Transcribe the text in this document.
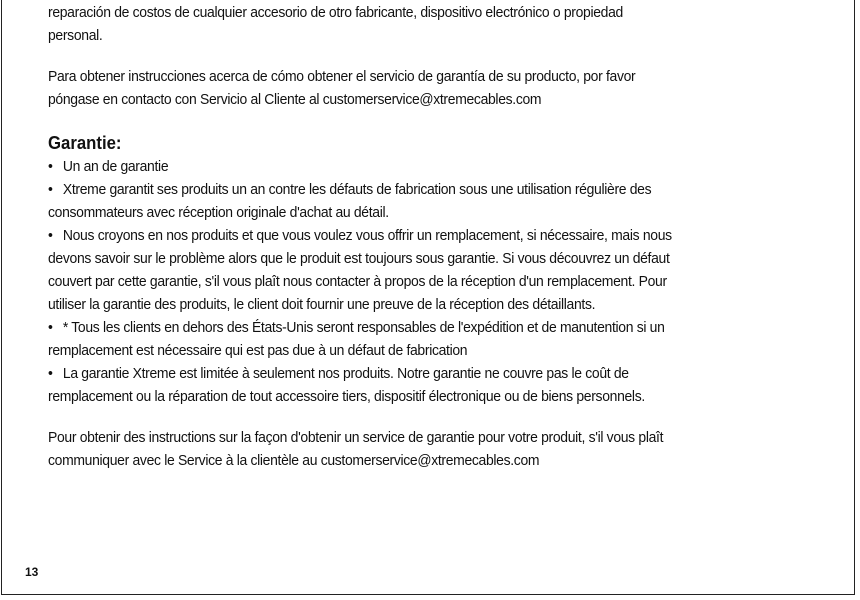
reparación de costos de cualquier accesorio de otro fabricante, dispositivo electrónico o propiedad
personal.
Para obtener instrucciones acerca de cómo obtener el servicio de garantía de su producto, por favor
póngase en contacto con Servicio al Cliente al customerservice@xtremecables.com
Garantie:
• Un an de garantie
• Xtreme garantit ses produits un an contre les défauts de fabrication sous une utilisation régulière des
consommateurs avec réception originale d'achat au détail.
• Nous croyons en nos produits et que vous voulez vous offrir un remplacement, si nécessaire, mais nous
devons savoir sur le problème alors que le produit est toujours sous garantie. Si vous découvrez un défaut
couvert par cette garantie, s'il vous plaît nous contacter à propos de la réception d'un remplacement. Pour
utiliser la garantie des produits, le client doit fournir une preuve de la réception des détaillants.
• * Tous les clients en dehors des États-Unis seront responsables de l'expédition et de manutention si un
remplacement est nécessaire qui est pas due à un défaut de fabrication
• La garantie Xtreme est limitée à seulement nos produits. Notre garantie ne couvre pas le coût de
remplacement ou la réparation de tout accessoire tiers, dispositif électronique ou de biens personnels.
Pour obtenir des instructions sur la façon d'obtenir un service de garantie pour votre produit, s'il vous plaît
communiquer avec le Service à la clientèle au customerservice@xtremecables.com
13
